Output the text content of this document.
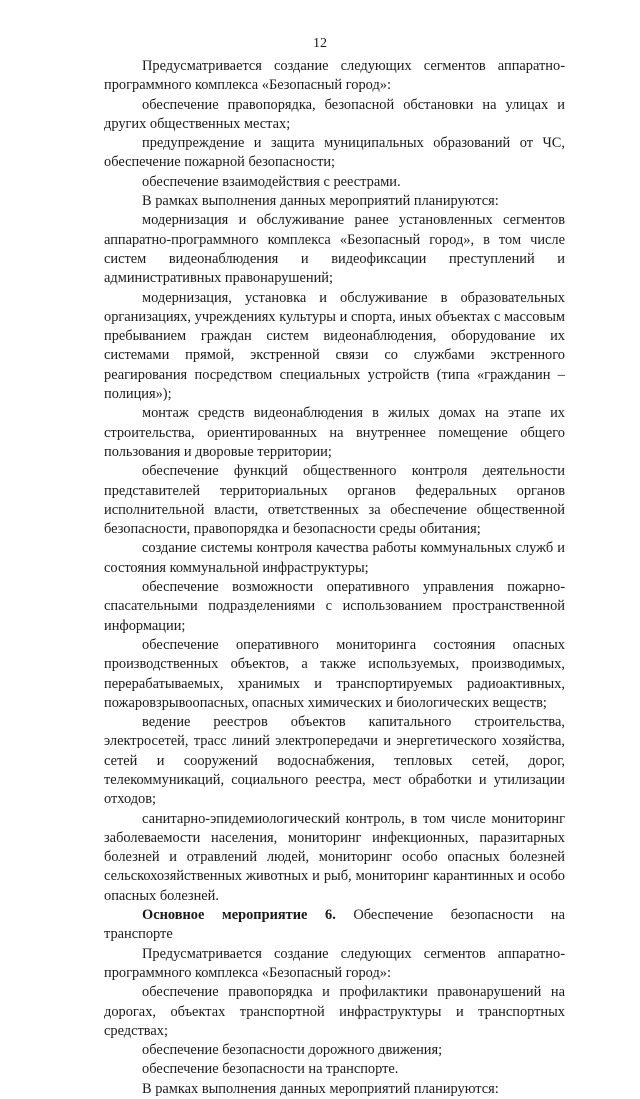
12

Предусматривается создание следующих сегментов аппаратно-программного комплекса «Безопасный город»:

обеспечение правопорядка, безопасной обстановки на улицах и других общественных местах;

предупреждение и защита муниципальных образований от ЧС, обеспечение пожарной безопасности;

обеспечение взаимодействия с реестрами.

В рамках выполнения данных мероприятий планируются:

модернизация и обслуживание ранее установленных сегментов аппаратно-программного комплекса «Безопасный город», в том числе систем видеонаблюдения и видеофиксации преступлений и административных правонарушений;

модернизация, установка и обслуживание в образовательных организациях, учреждениях культуры и спорта, иных объектах с массовым пребыванием граждан систем видеонаблюдения, оборудование их системами прямой, экстренной связи со службами экстренного реагирования посредством специальных устройств (типа «гражданин – полиция»);

монтаж средств видеонаблюдения в жилых домах на этапе их строительства, ориентированных на внутреннее помещение общего пользования и дворовые территории;

обеспечение функций общественного контроля деятельности представителей территориальных органов федеральных органов исполнительной власти, ответственных за обеспечение общественной безопасности, правопорядка и безопасности среды обитания;

создание системы контроля качества работы коммунальных служб и состояния коммунальной инфраструктуры;

обеспечение возможности оперативного управления пожарно-спасательными подразделениями с использованием пространственной информации;

обеспечение оперативного мониторинга состояния опасных производственных объектов, а также используемых, производимых, перерабатываемых, хранимых и транспортируемых радиоактивных, пожаровзрывоопасных, опасных химических и биологических веществ;

ведение реестров объектов капитального строительства, электросетей, трасс линий электропередачи и энергетического хозяйства, сетей и сооружений водоснабжения, тепловых сетей, дорог, телекоммуникаций, социального реестра, мест обработки и утилизации отходов;

санитарно-эпидемиологический контроль, в том числе мониторинг заболеваемости населения, мониторинг инфекционных, паразитарных болезней и отравлений людей, мониторинг особо опасных болезней сельскохозяйственных животных и рыб, мониторинг карантинных и особо опасных болезней.

Основное мероприятие 6. Обеспечение безопасности на транспорте

Предусматривается создание следующих сегментов аппаратно-программного комплекса «Безопасный город»:

обеспечение правопорядка и профилактики правонарушений на дорогах, объектах транспортной инфраструктуры и транспортных средствах;

обеспечение безопасности дорожного движения;

обеспечение безопасности на транспорте.

В рамках выполнения данных мероприятий планируются:
